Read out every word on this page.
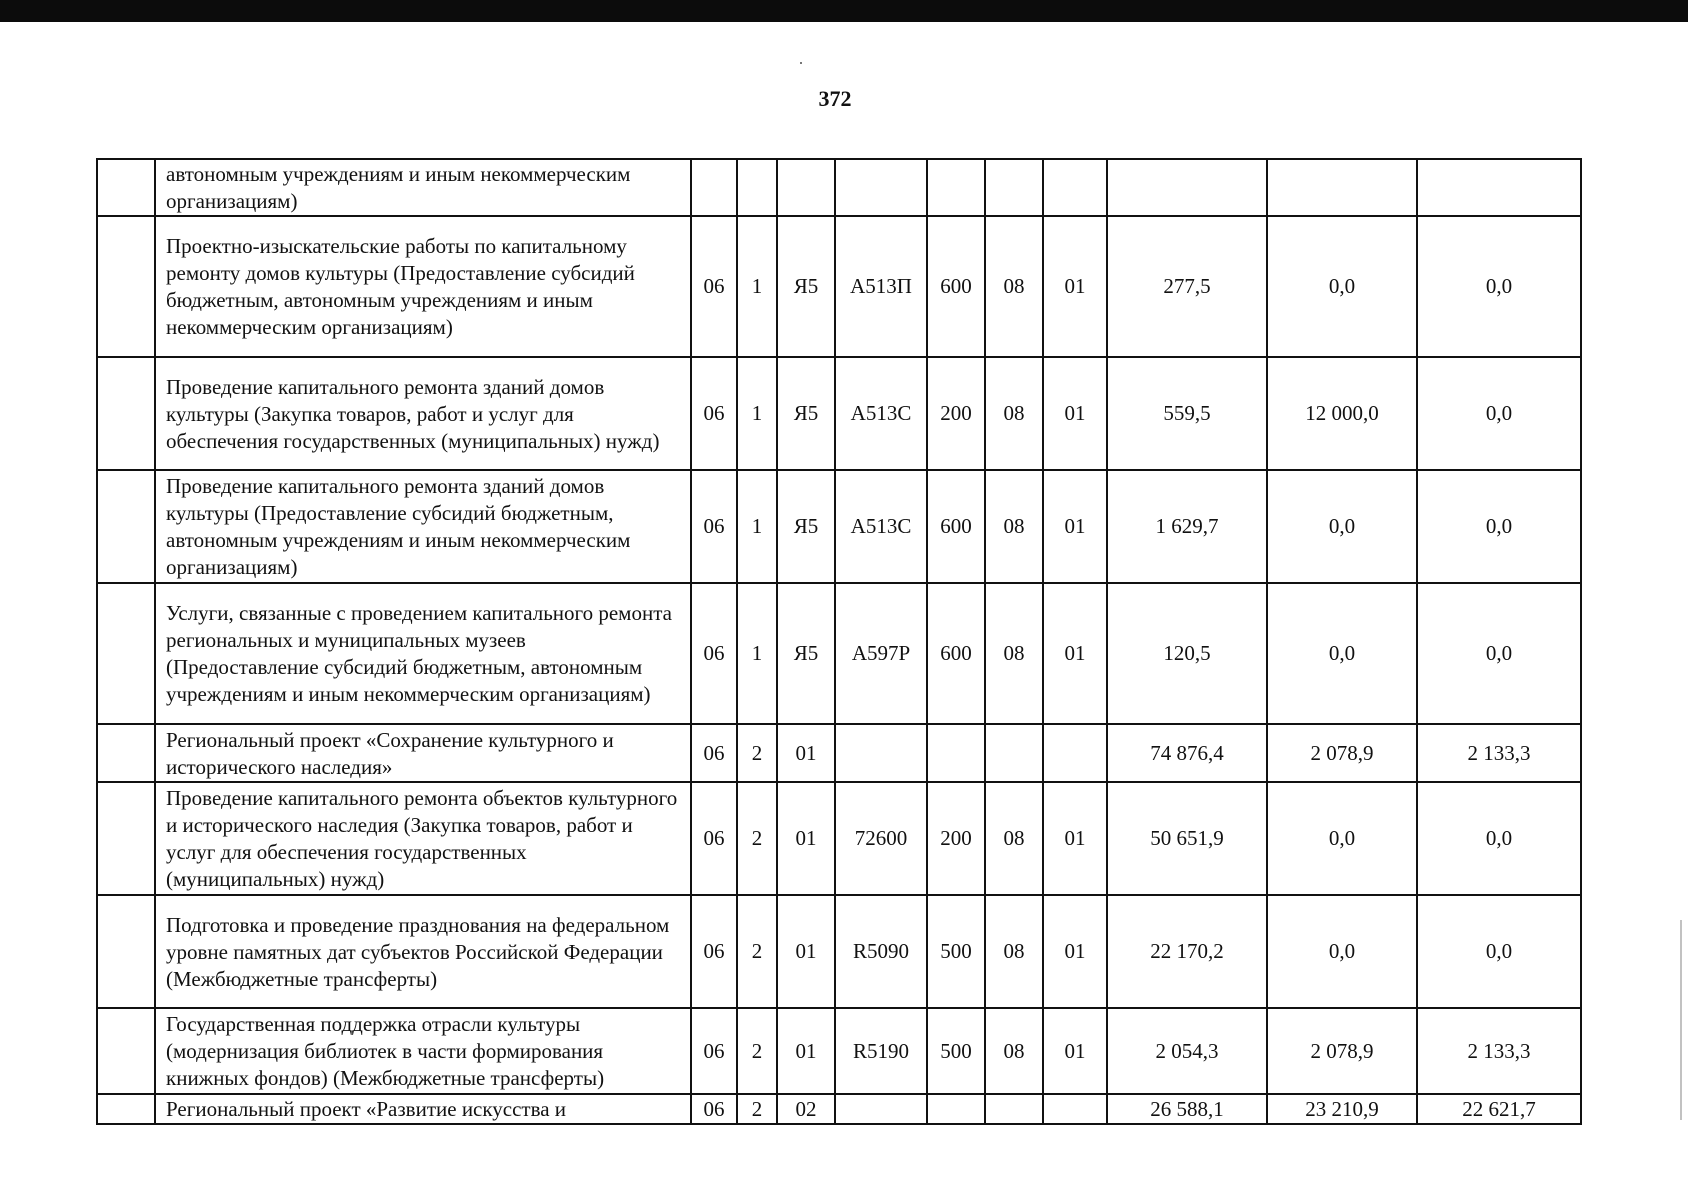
372
	автономным учреждениям и иным некоммерческим организациям)										
	Проектно-изыскательские работы по капитальному ремонту домов культуры (Предоставление субсидий бюджетным, автономным учреждениям и иным некоммерческим организациям)	06	1	Я5	А513П	600	08	01	277,5	0,0	0,0
	Проведение капитального ремонта зданий домов культуры (Закупка товаров, работ и услуг для обеспечения государственных (муниципальных) нужд)	06	1	Я5	А513С	200	08	01	559,5	12 000,0	0,0
	Проведение капитального ремонта зданий домов культуры (Предоставление субсидий бюджетным, автономным учреждениям и иным некоммерческим организациям)	06	1	Я5	А513С	600	08	01	1 629,7	0,0	0,0
	Услуги, связанные с проведением капитального ремонта региональных и муниципальных музеев (Предоставление субсидий бюджетным, автономным учреждениям и иным некоммерческим организациям)	06	1	Я5	А597Р	600	08	01	120,5	0,0	0,0
	Региональный проект «Сохранение культурного и исторического наследия»	06	2	01					74 876,4	2 078,9	2 133,3
	Проведение капитального ремонта объектов культурного и исторического наследия (Закупка товаров, работ и услуг для обеспечения государственных (муниципальных) нужд)	06	2	01	72600	200	08	01	50 651,9	0,0	0,0
	Подготовка и проведение празднования на федеральном уровне памятных дат субъектов Российской Федерации (Межбюджетные трансферты)	06	2	01	R5090	500	08	01	22 170,2	0,0	0,0
	Государственная поддержка отрасли культуры (модернизация библиотек в части формирования книжных фондов) (Межбюджетные трансферты)	06	2	01	R5190	500	08	01	2 054,3	2 078,9	2 133,3
	Региональный проект «Развитие искусства и	06	2	02					26 588,1	23 210,9	22 621,7
